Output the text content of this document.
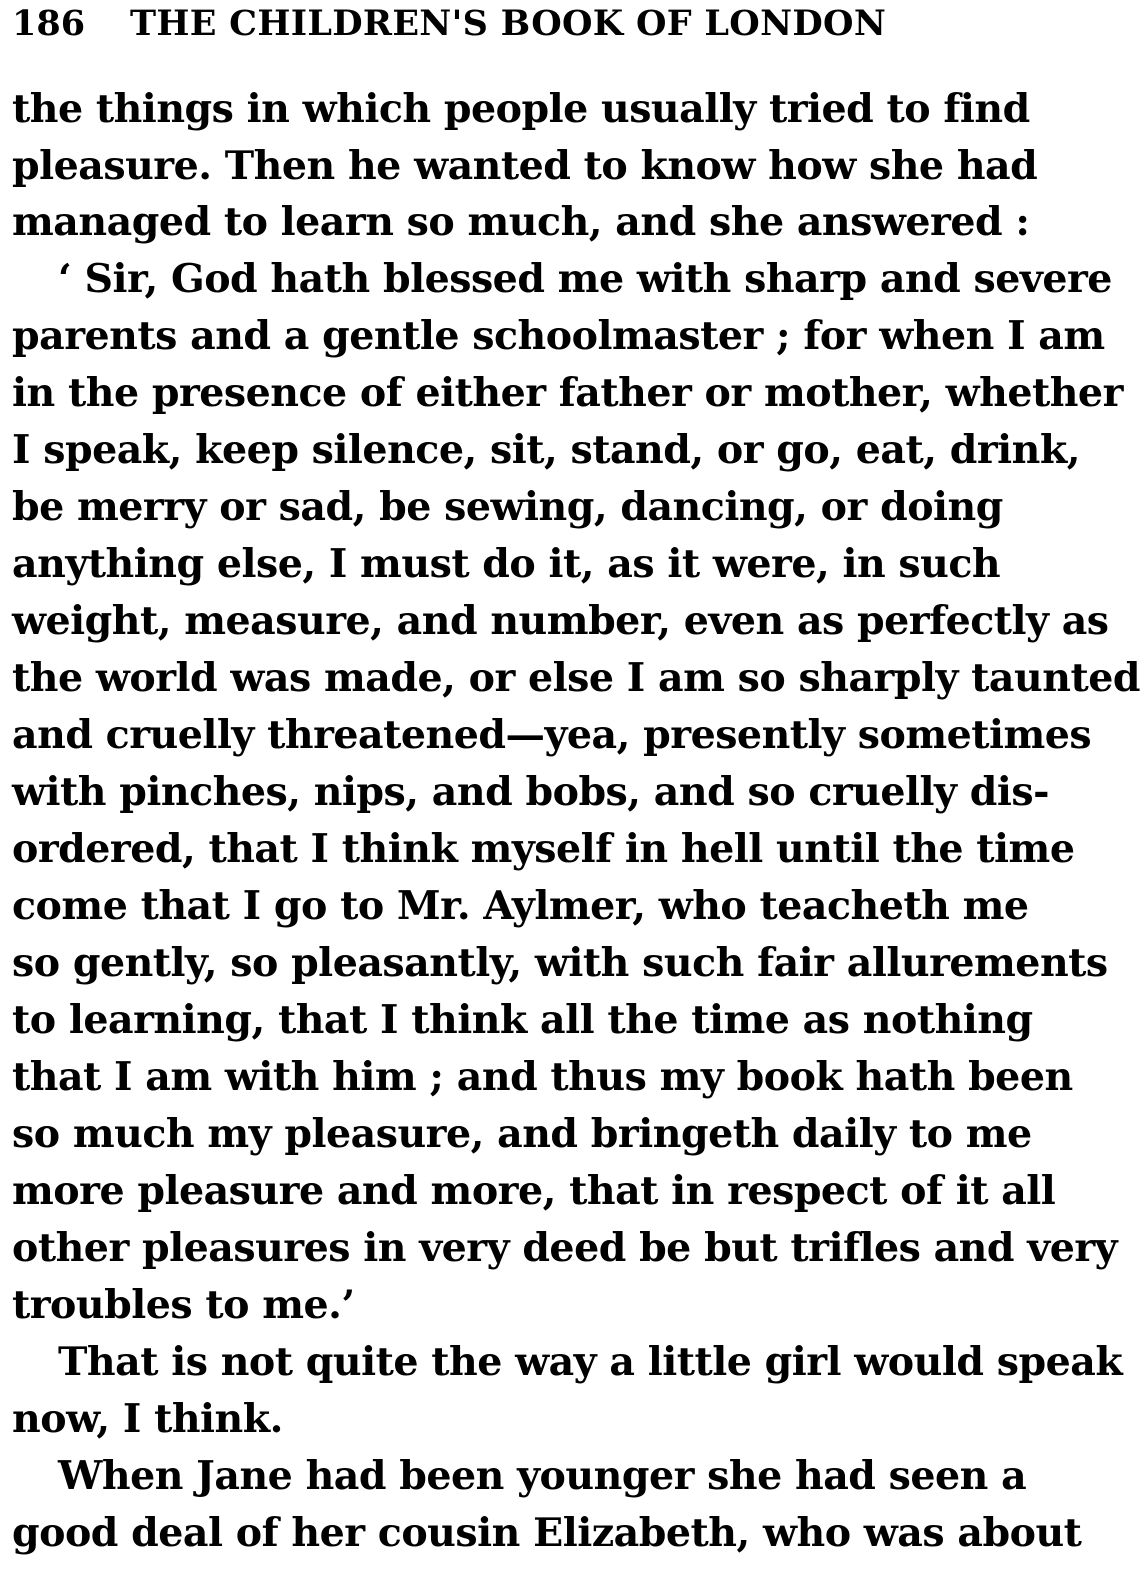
186 THE CHILDREN'S BOOK OF LONDON
the things in which people usually tried to find
pleasure. Then he wanted to know how she had
managed to learn so much, and she answered :
‘ Sir, God hath blessed me with sharp and severe
parents and a gentle schoolmaster ; for when I am
in the presence of either father or mother, whether
I speak, keep silence, sit, stand, or go, eat, drink,
be merry or sad, be sewing, dancing, or doing
anything else, I must do it, as it were, in such
weight, measure, and number, even as perfectly as
the world was made, or else I am so sharply taunted
and cruelly threatened—yea, presently sometimes
with pinches, nips, and bobs, and so cruelly dis-
ordered, that I think myself in hell until the time
come that I go to Mr. Aylmer, who teacheth me
so gently, so pleasantly, with such fair allurements
to learning, that I think all the time as nothing
that I am with him ; and thus my book hath been
so much my pleasure, and bringeth daily to me
more pleasure and more, that in respect of it all
other pleasures in very deed be but trifles and very
troubles to me.’
That is not quite the way a little girl would speak
now, I think.
When Jane had been younger she had seen a
good deal of her cousin Elizabeth, who was about
